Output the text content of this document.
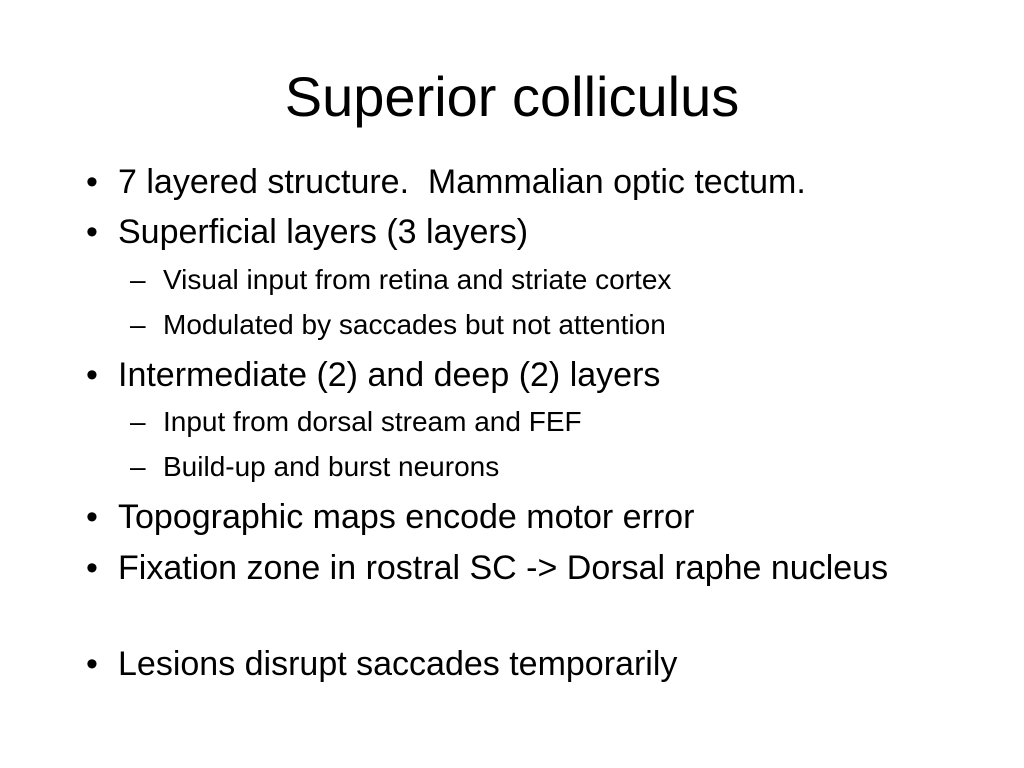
Superior colliculus
• 7 layered structure.  Mammalian optic tectum.
• Superficial layers (3 layers)
– Visual input from retina and striate cortex
– Modulated by saccades but not attention
• Intermediate (2) and deep (2) layers
– Input from dorsal stream and FEF
– Build-up and burst neurons
• Topographic maps encode motor error
• Fixation zone in rostral SC -> Dorsal raphe nucleus
• Lesions disrupt saccades temporarily
